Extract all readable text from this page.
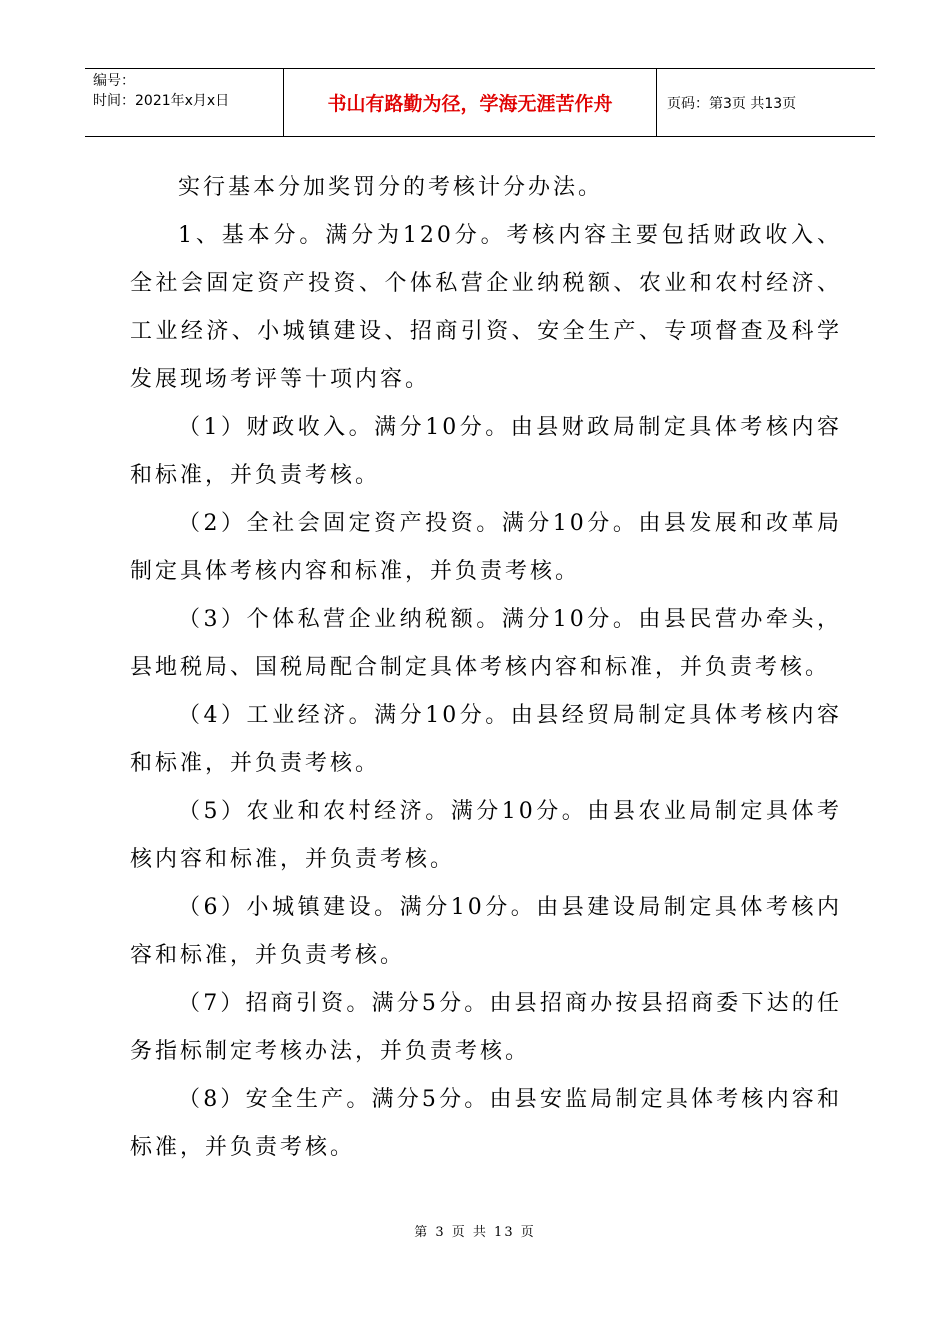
编号：
时间：2021年x月x日	书山有路勤为径，学海无涯苦作舟	页码：第3页 共13页

实行基本分加奖罚分的考核计分办法。

1、基本分。满分为120分。考核内容主要包括财政收入、全社会固定资产投资、个体私营企业纳税额、农业和农村经济、工业经济、小城镇建设、招商引资、安全生产、专项督查及科学发展现场考评等十项内容。

（1）财政收入。满分10分。由县财政局制定具体考核内容和标准，并负责考核。

（2）全社会固定资产投资。满分10分。由县发展和改革局制定具体考核内容和标准，并负责考核。

（3）个体私营企业纳税额。满分10分。由县民营办牵头，县地税局、国税局配合制定具体考核内容和标准，并负责考核。

（4）工业经济。满分10分。由县经贸局制定具体考核内容和标准，并负责考核。

（5）农业和农村经济。满分10分。由县农业局制定具体考核内容和标准，并负责考核。

（6）小城镇建设。满分10分。由县建设局制定具体考核内容和标准，并负责考核。

（7）招商引资。满分5分。由县招商办按县招商委下达的任务指标制定考核办法，并负责考核。

（8）安全生产。满分5分。由县安监局制定具体考核内容和标准，并负责考核。

第 3 页 共 13 页
